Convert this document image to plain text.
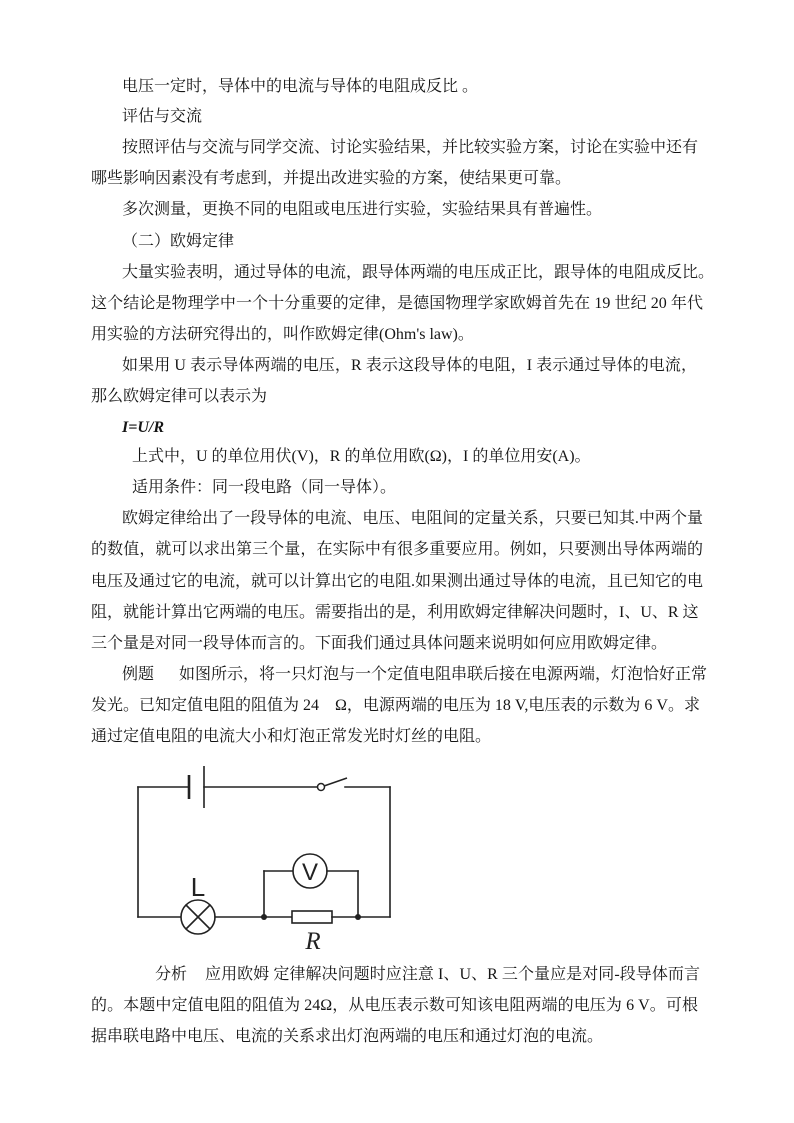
电压一定时，导体中的电流与导体的电阻成反比 。
评估与交流
按照评估与交流与同学交流、讨论实验结果，并比较实验方案，讨论在实验中还有
哪些影响因素没有考虑到，并提出改进实验的方案，使结果更可靠。
多次测量，更换不同的电阻或电压进行实验，实验结果具有普遍性。
（二）欧姆定律
大量实验表明，通过导体的电流，跟导体两端的电压成正比，跟导体的电阻成反比。
这个结论是物理学中一个十分重要的定律，是德国物理学家欧姆首先在 19 世纪 20 年代
用实验的方法研究得出的，叫作欧姆定律(Ohm's law)。
如果用 U 表示导体两端的电压，R 表示这段导体的电阻，I 表示通过导体的电流，
那么欧姆定律可以表示为
I=U/R
上式中，U 的单位用伏(V)，R 的单位用欧(Ω)，I 的单位用安(A)。
适用条件：同一段电路（同一导体）。
欧姆定律给出了一段导体的电流、电压、电阻间的定量关系，只要已知其.中两个量
的数值，就可以求出第三个量，在实际中有很多重要应用。例如，只要测出导体两端的
电压及通过它的电流，就可以计算出它的电阻.如果测出通过导体的电流，且已知它的电
阻，就能计算出它两端的电压。需要指出的是，利用欧姆定律解决问题时，I、U、R 这
三个量是对同一段导体而言的。下面我们通过具体问题来说明如何应用欧姆定律。
例题 如图所示，将一只灯泡与一个定值电阻串联后接在电源两端，灯泡恰好正常
发光。已知定值电阻的阻值为 24　Ω，电源两端的电压为 18 V,电压表的示数为 6 V。求
通过定值电阻的电流大小和灯泡正常发光时灯丝的电阻。
L
R
V
分析 应用欧姆 定律解决问题时应注意 I、U、R 三个量应是对同-段导体而言
的。本题中定值电阻的阻值为 24Ω，从电压表示数可知该电阻两端的电压为 6 V。可根
据串联电路中电压、电流的关系求出灯泡两端的电压和通过灯泡的电流。
